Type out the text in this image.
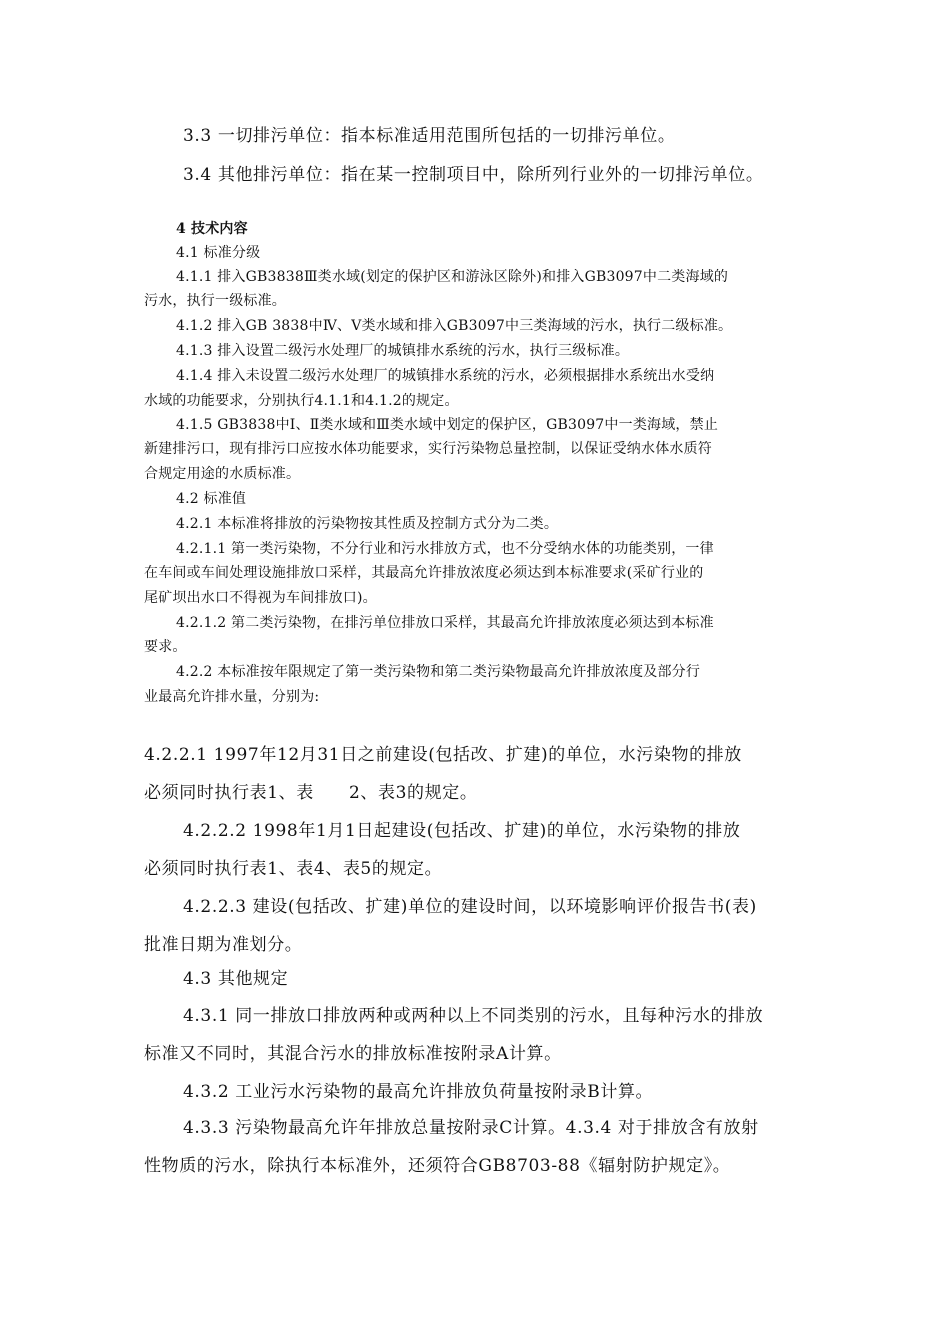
3.3 一切排污单位：指本标准适用范围所包括的一切排污单位。
3.4 其他排污单位：指在某一控制项目中，除所列行业外的一切排污单位。
4 技术内容
4.1 标准分级
4.1.1 排入GB3838Ⅲ类水域(划定的保护区和游泳区除外)和排入GB3097中二类海域的
污水，执行一级标准。
4.1.2 排入GB 3838中Ⅳ、Ⅴ类水域和排入GB3097中三类海域的污水，执行二级标准。
4.1.3 排入设置二级污水处理厂的城镇排水系统的污水，执行三级标准。
4.1.4 排入未设置二级污水处理厂的城镇排水系统的污水，必须根据排水系统出水受纳
水域的功能要求，分别执行4.1.1和4.1.2的规定。
4.1.5 GB3838中Ⅰ、Ⅱ类水域和Ⅲ类水域中划定的保护区，GB3097中一类海域，禁止
新建排污口，现有排污口应按水体功能要求，实行污染物总量控制，以保证受纳水体水质符
合规定用途的水质标准。
4.2 标准值
4.2.1 本标准将排放的污染物按其性质及控制方式分为二类。
4.2.1.1 第一类污染物，不分行业和污水排放方式，也不分受纳水体的功能类别，一律
在车间或车间处理设施排放口采样，其最高允许排放浓度必须达到本标准要求(采矿行业的
尾矿坝出水口不得视为车间排放口)。
4.2.1.2 第二类污染物，在排污单位排放口采样，其最高允许排放浓度必须达到本标准
要求。
4.2.2 本标准按年限规定了第一类污染物和第二类污染物最高允许排放浓度及部分行
业最高允许排水量，分别为:
4.2.2.1 1997年12月31日之前建设(包括改、扩建)的单位，水污染物的排放
必须同时执行表1、表　　2、表3的规定。
4.2.2.2 1998年1月1日起建设(包括改、扩建)的单位，水污染物的排放
必须同时执行表1、表4、表5的规定。
4.2.2.3 建设(包括改、扩建)单位的建设时间，以环境影响评价报告书(表)
批准日期为准划分。
4.3 其他规定
4.3.1 同一排放口排放两种或两种以上不同类别的污水，且每种污水的排放
标准又不同时，其混合污水的排放标准按附录A计算。
4.3.2 工业污水污染物的最高允许排放负荷量按附录B计算。
4.3.3 污染物最高允许年排放总量按附录C计算。4.3.4 对于排放含有放射
性物质的污水，除执行本标准外，还须符合GB8703-88《辐射防护规定》。
